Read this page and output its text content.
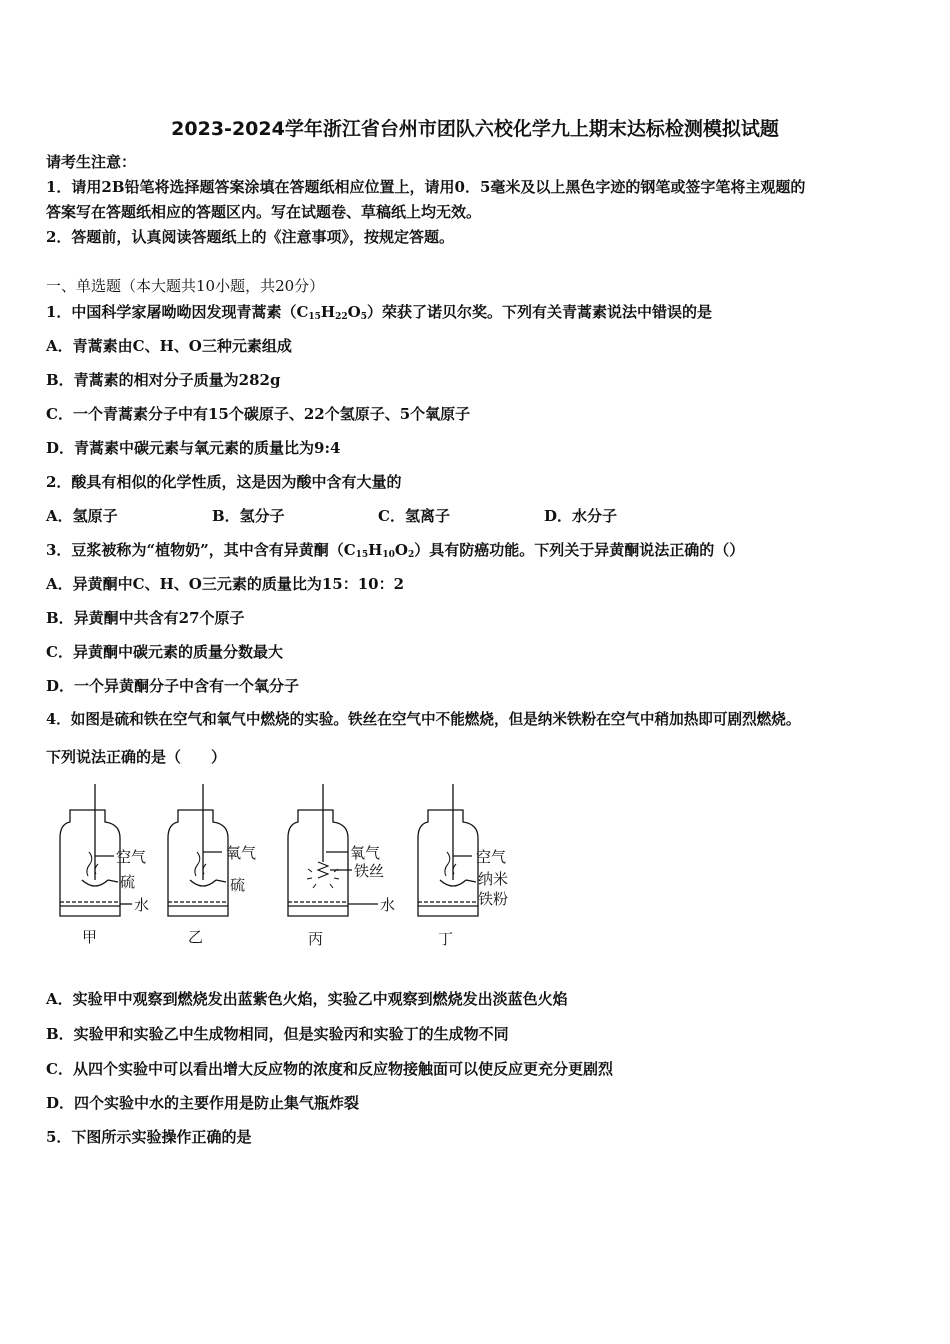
2023-2024学年浙江省台州市团队六校化学九上期末达标检测模拟试题
请考生注意：
1．请用2B铅笔将选择题答案涂填在答题纸相应位置上，请用0．5毫米及以上黑色字迹的钢笔或签字笔将主观题的
答案写在答题纸相应的答题区内。写在试题卷、草稿纸上均无效。
2．答题前，认真阅读答题纸上的《注意事项》，按规定答题。
一、单选题（本大题共10小题，共20分）
1．中国科学家屠呦呦因发现青蒿素$(C_{15}H_{22}O_5)$荣获了诺贝尔奖。下列有关青蒿素说法中错误的是
A．青蒿素由C、H、O三种元素组成
B．青蒿素的相对分子质量为282g
C．一个青蒿素分子中有15个碳原子、22个氢原子、5个氧原子
D．青蒿素中碳元素与氧元素的质量比为9:4
2．酸具有相似的化学性质，这是因为酸中含有大量的
A．氢原子	B．氢分子	C．氢离子	D．水分子
3．豆浆被称为“植物奶”，其中含有异黄酮$(C_{15}H_{10}O_2)$具有防癌功能。下列关于异黄酮说法正确的（）
A．异黄酮中C、H、O三元素的质量比为15：10：2
B．异黄酮中共含有27个原子
C．异黄酮中碳元素的质量分数最大
D．一个异黄酮分子中含有一个氧分子
4．如图是硫和铁在空气和氧气中燃烧的实验。铁丝在空气中不能燃烧，但是纳米铁粉在空气中稍加热即可剧烈燃烧。
下列说法正确的是（　　）
空气
硫
水
甲
氧气
硫
乙
氧气
铁丝
水
丙
空气
纳米
铁粉
丁
A．实验甲中观察到燃烧发出蓝紫色火焰，实验乙中观察到燃烧发出淡蓝色火焰
B．实验甲和实验乙中生成物相同，但是实验丙和实验丁的生成物不同
C．从四个实验中可以看出增大反应物的浓度和反应物接触面可以使反应更充分更剧烈
D．四个实验中水的主要作用是防止集气瓶炸裂
5．下图所示实验操作正确的是
